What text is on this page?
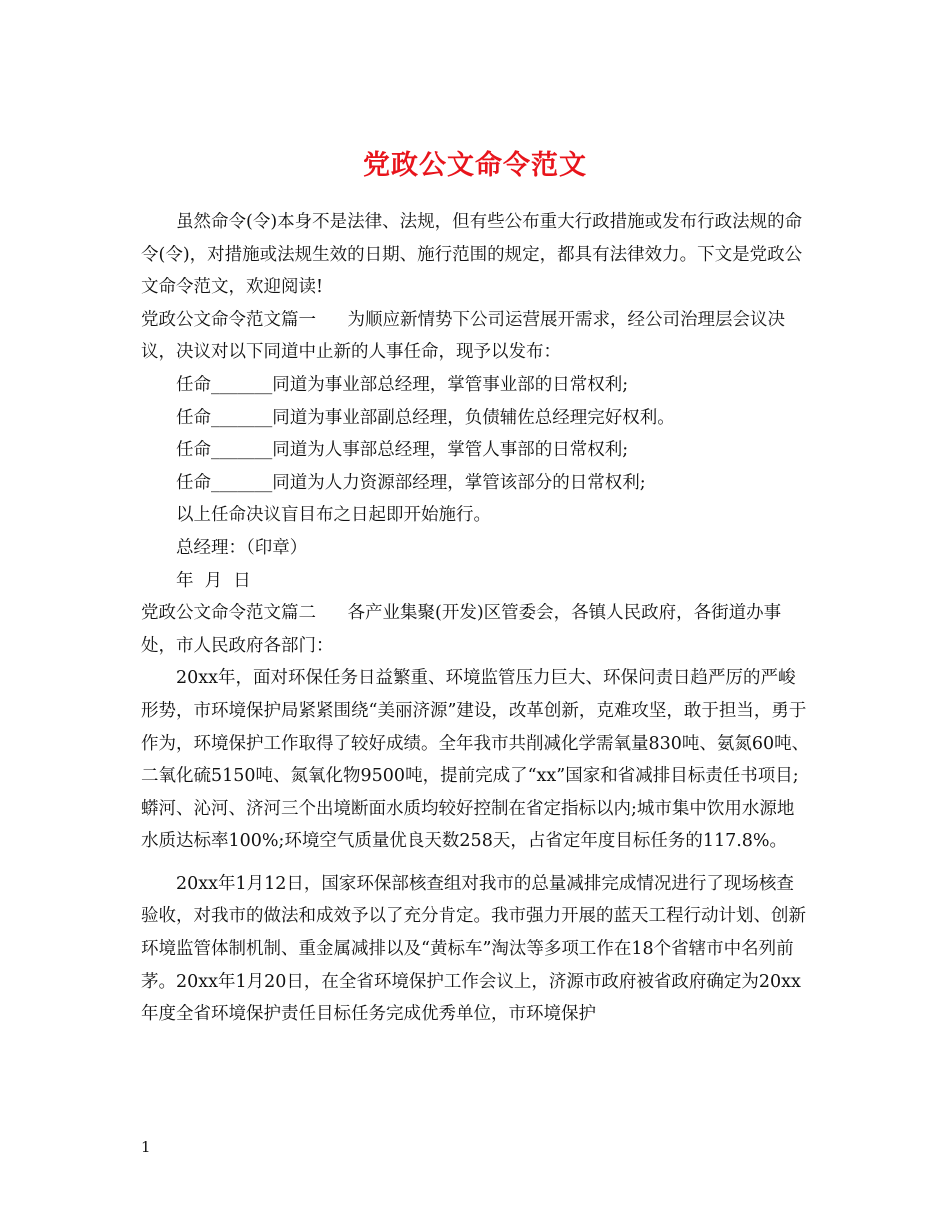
党政公文命令范文

虽然命令(令)本身不是法律、法规，但有些公布重大行政措施或发布行政法规的命令(令)，对措施或法规生效的日期、施行范围的规定，都具有法律效力。下文是党政公文命令范文，欢迎阅读!

党政公文命令范文篇一 为顺应新情势下公司运营展开需求，经公司治理层会议决议，决议对以下同道中止新的人事任命，现予以发布：

任命_______同道为事业部总经理，掌管事业部的日常权利;

任命_______同道为事业部副总经理，负债辅佐总经理完好权利。

任命_______同道为人事部总经理，掌管人事部的日常权利;

任命_______同道为人力资源部经理，掌管该部分的日常权利;

以上任命决议盲目布之日起即开始施行。

总经理：（印章）

年  月  日

党政公文命令范文篇二 各产业集聚(开发)区管委会，各镇人民政府，各街道办事处，市人民政府各部门：

20xx年，面对环保任务日益繁重、环境监管压力巨大、环保问责日趋严厉的严峻形势，市环境保护局紧紧围绕“美丽济源”建设，改革创新，克难攻坚，敢于担当，勇于作为，环境保护工作取得了较好成绩。全年我市共削减化学需氧量830吨、氨氮60吨、二氧化硫5150吨、氮氧化物9500吨，提前完成了“xx”国家和省减排目标责任书项目;蟒河、沁河、济河三个出境断面水质均较好控制在省定指标以内;城市集中饮用水源地水质达标率100%;环境空气质量优良天数258天，占省定年度目标任务的117.8%。

20xx年1月12日，国家环保部核查组对我市的总量减排完成情况进行了现场核查验收，对我市的做法和成效予以了充分肯定。我市强力开展的蓝天工程行动计划、创新环境监管体制机制、重金属减排以及“黄标车”淘汰等多项工作在18个省辖市中名列前茅。20xx年1月20日，在全省环境保护工作会议上，济源市政府被省政府确定为20xx年度全省环境保护责任目标任务完成优秀单位，市环境保护

1
